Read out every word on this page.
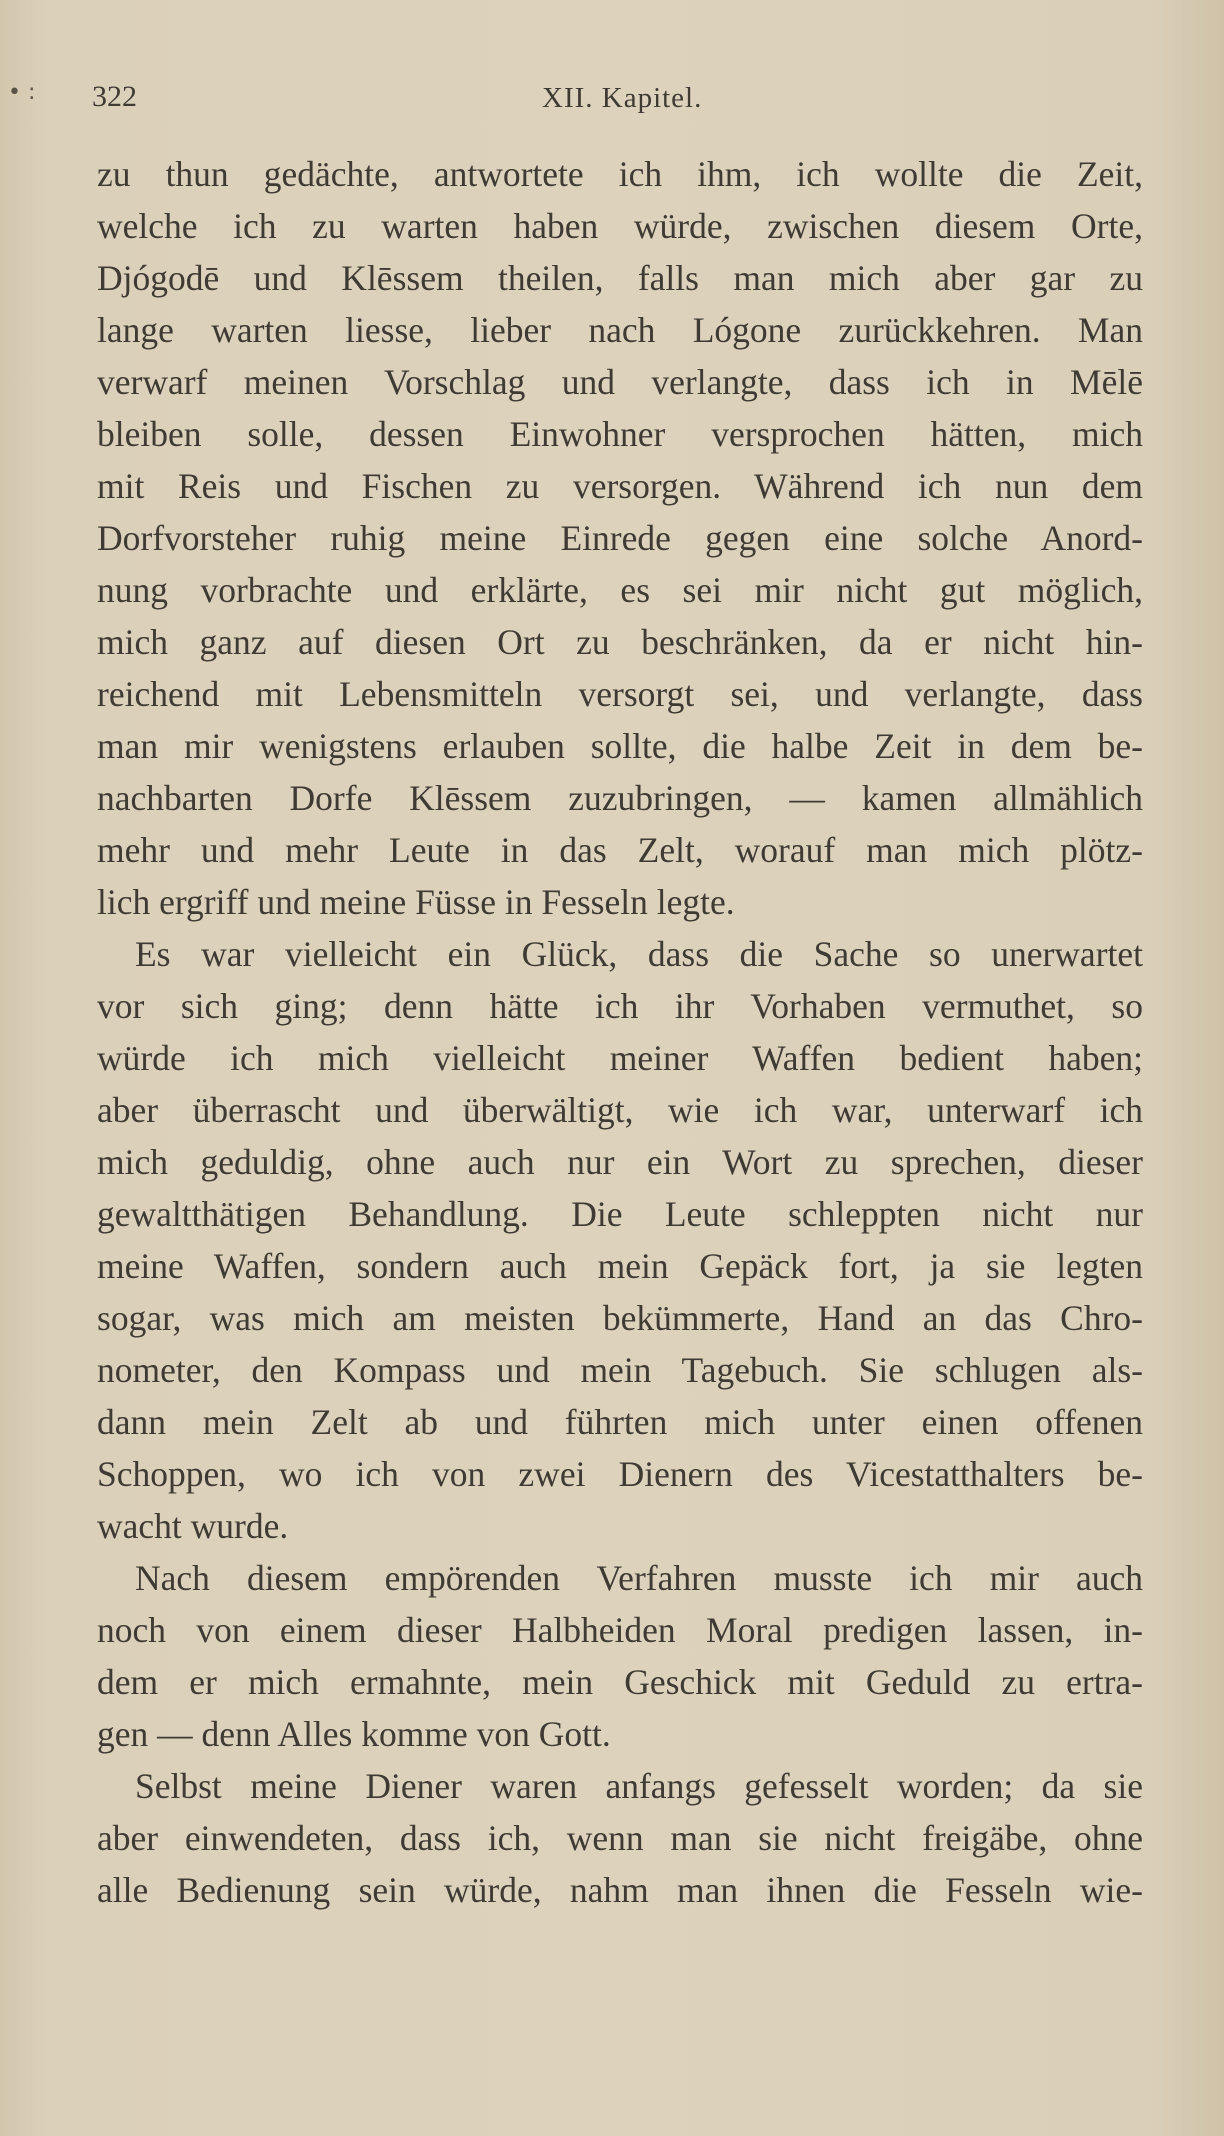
• : 322	XII. Kapitel.
zu thun gedächte, antwortete ich ihm, ich wollte die Zeit,
welche ich zu warten haben würde, zwischen diesem Orte,
Djógodē und Klēssem theilen, falls man mich aber gar zu
lange warten liesse, lieber nach Lógone zurückkehren. Man
verwarf meinen Vorschlag und verlangte, dass ich in Mēlē
bleiben solle, dessen Einwohner versprochen hätten, mich
mit Reis und Fischen zu versorgen. Während ich nun dem
Dorfvorsteher ruhig meine Einrede gegen eine solche Anord-
nung vorbrachte und erklärte, es sei mir nicht gut möglich,
mich ganz auf diesen Ort zu beschränken, da er nicht hin-
reichend mit Lebensmitteln versorgt sei, und verlangte, dass
man mir wenigstens erlauben sollte, die halbe Zeit in dem be-
nachbarten Dorfe Klēssem zuzubringen, — kamen allmählich
mehr und mehr Leute in das Zelt, worauf man mich plötz-
lich ergriff und meine Füsse in Fesseln legte.
Es war vielleicht ein Glück, dass die Sache so unerwartet
vor sich ging; denn hätte ich ihr Vorhaben vermuthet, so
würde ich mich vielleicht meiner Waffen bedient haben;
aber überrascht und überwältigt, wie ich war, unterwarf ich
mich geduldig, ohne auch nur ein Wort zu sprechen, dieser
gewaltthätigen Behandlung. Die Leute schleppten nicht nur
meine Waffen, sondern auch mein Gepäck fort, ja sie legten
sogar, was mich am meisten bekümmerte, Hand an das Chro-
nometer, den Kompass und mein Tagebuch. Sie schlugen als-
dann mein Zelt ab und führten mich unter einen offenen
Schoppen, wo ich von zwei Dienern des Vicestatthalters be-
wacht wurde.
Nach diesem empörenden Verfahren musste ich mir auch
noch von einem dieser Halbheiden Moral predigen lassen, in-
dem er mich ermahnte, mein Geschick mit Geduld zu ertra-
gen — denn Alles komme von Gott.
Selbst meine Diener waren anfangs gefesselt worden; da sie
aber einwendeten, dass ich, wenn man sie nicht freigäbe, ohne
alle Bedienung sein würde, nahm man ihnen die Fesseln wie-
